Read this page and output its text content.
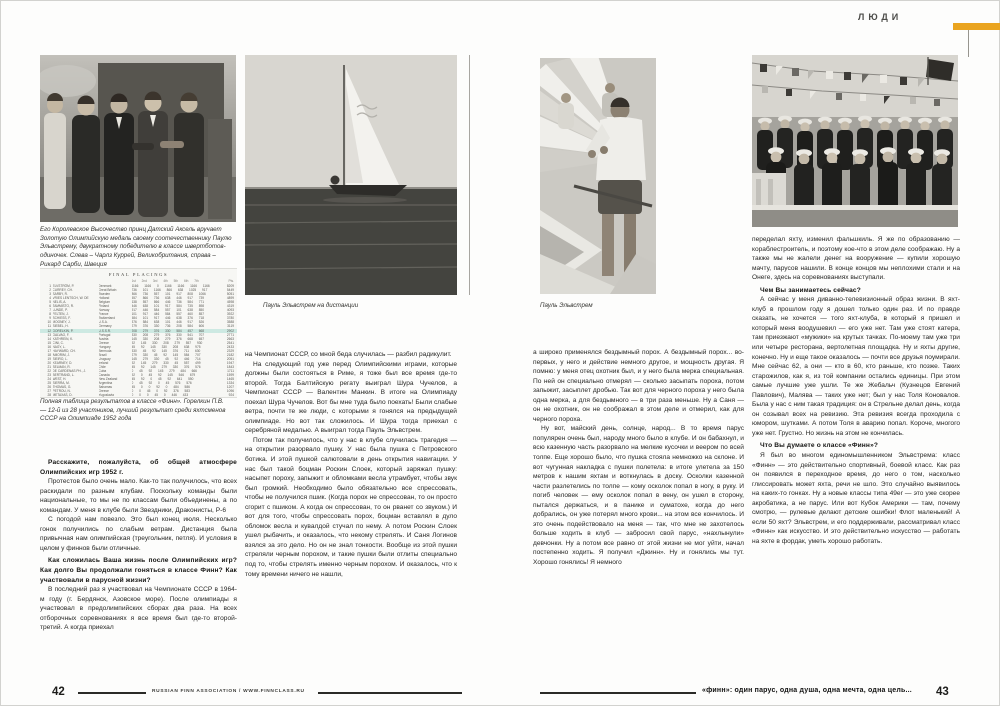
ЛЮДИ
Его Королевское Высочество принц Датский Аксель вручает Золотую Олимпийскую медаль своему соотечественнику Паулю Эльвстрему, двукратному победителю в классе швертботов-одиночек. Слева – Чарлз Куррей, Великобритания, справа – Рикард Сарби, Швеция
FINAL PLACINGS
1st 2nd 3rd 4th 5th 6th 7th	Pts.
1 ELVSTRÖM, P.	Denmark	1166 1166 0 1166 1166 1166 1166	8209
2 CURREY, CH.	Great Britain	736 101 1166 866 638 1025 917	5449
3 SARBY, R.	Sweden	866 736 557 101 917 808 1066	5051
4 VRIES LENTSCH, W. DE	Holland	557 866 736 638 446 917 739	4899
5 NELIS, A.	Belgium	638 557 866 446 736 584 771	4598
6 TAMMISTO, R.	Finland	446 638 101 917 584 735 898	4319
7 LUNDE, P.	Norway	917 446 584 557 101 638 850	4093
8 FELTEN, J.	France	101 917 446 584 557 460 857	3922
9 SCHIESS, F.	Switzerland	584 101 917 446 638 376 718	3780
10 MOONEY, J.	U.S.A.	376 584 638 101 446 917 526	3588
11 SIEBEL, H.	Germany	279 376 330 736 208 584 606	3119
12 GORELKIN, P.	U.S.S.R.	208 279 376 330 584 457 668	2902
13 GALVAO, F.	Portugal	330 208 279 376 330 541 707	2771
14 KATHREIN, K.	Austria	145 330 208 279 376 668 657	2663
15 CINI, C.	Greece	92 145 330 208 279 557 930	2541
16 NAGY, L.	Hungary	45 92 145 330 208 638 975	2433
17 HAYWARD, CH.	Bermuda	330 45 92 145 376 711 630	2329
18 AMORIM, J.	Brazil	279 330 45 92 145 584 707	2182
19 SIEIRO, L.	Uruguay	145 279 330 45 92 446 714	2051
20 KEARNEY, D.	Ireland	92 145 279 330 45 557 499	1947
21 SELMAN, R.	Chile	45 92 145 279 330 376 576	1843
22 DE CARDENAS PH., J.	Cuba	0 45 92 145 279 484 666	1711
23 BERTRAND, L.	Canada	92 0 45 92 145 546 679	1599
24 WEST, H.	New Zealand	45 92 0 45 92 641 550	1465
25 SIERRA, M.	Argentina	0 45 92 0 45 576 576	1334
26 THOMAS, G.	Bahamas	45 0 0 92 0 484 586	1207
27 PETROU, N.	Greece	0 0 45 0 92 376 583	1096
28 METAXAS, D.	Yugoslavia	0 0 0 45 0 446 433	924
Полная таблица результатов в классе «Финн». Горелкин П.В. — 12-й из 28 участников, лучший результат среди яхтсменов СССР на Олимпиаде 1952 года

Расскажите, пожалуйста, об общей атмосфере Олимпийских игр 1952 г.

Протестов было очень мало. Как-то так получилось, что всех раскидали по разным клубам. Поскольку команды были национальные, то мы не по классам были объединены, а по командам. У меня в клубе были Звездники, Драконисты, Р-6

С погодой нам повезло. Это был конец июля. Несколько гонок получились по слабым ветрам. Дистанция была привычная нам олимпийская (треугольник, петля). И условия в целом у финнов были отличные.

Как сложилась Ваша жизнь после Олимпийских игр? Как долго Вы продолжали гоняться в классе Финн? Как участвовали в парусной жизни?

В последний раз я участвовал на Чемпионате СССР в 1964-м году (г. Бердянск, Азовское море). После олимпиады я участвовал в предолимпийских сборах два раза. На всех отборочных соревнованиях я все время был где-то второй-третий. А когда приехал

Пауль Эльвстрем на дистанции

на Чемпионат СССР, со мной беда случилась — разбил радикулит.

На следующий год уже перед Олимпийскими играми, которые должны были состояться в Риме, я тоже был все время где-то второй. Тогда Балтийскую регату выиграл Шура Чучелов, а Чемпионат СССР — Валентин Манкин. В итоге на Олимпиаду поехал Шура Чучелов. Вот бы мне туда было поехать! Были слабые ветра, почти те же люди, с которыми я гонялся на предыдущей олимпиаде. Но вот так сложилось. И Шура тогда приехал с серебряной медалью. А выиграл тогда Пауль Эльвстрем.

Потом так получилось, что у нас в клубе случилась трагедия — на открытии разорвало пушку. У нас была пушка с Петровского ботика. И этой пушкой салютовали в день открытия навигации. У нас был такой боцман Роскин Слоек, который заряжал пушку: насыпет пороху, запыжит и обломками весла утрамбует, чтобы звук был громкий. Необходимо было обязательно все спрессовать, чтобы не получился пшик. (Когда порох не спрессован, то он просто сгорит с пшиком. А когда он спрессован, то он рванет со звуком.) И вот для того, чтобы спрессовать порох, боцман вставлял в дуло обломок весла и кувалдой стучал по нему. А потом Роскин Слоек ушел рыбачить, и оказалось, что некому стрелять. И Саня Логинов взялся за это дело. Но он не знал тонкости. Вообще из этой пушки стреляли черным порохом, и такие пушки были отлиты специально под то, чтобы стрелять именно черным порохом. И оказалось, что к тому времени ничего не нашли,

Пауль Эльвстрем

а широко применялся бездымный порох. А бездымный порох... во-первых, у него и действие немного другое, и мощность другая. Я помню: у меня отец охотник был, и у него была мерка специальная. По ней он специально отмерял — сколько засыпать пороха, потом запыжит, засыплет дробью. Так вот для черного пороха у него была одна мерка, а для бездымного — в три раза меньше. Ну а Саня — он не охотник, он не соображал в этом деле и отмерил, как для черного пороха.

Ну вот, майский день, солнце, народ... В то время парус популярен очень был, народу много было в клубе. И он бабахнул, и всю казенную часть разорвало на мелкие кусочки и веером по всей толпе. Еще хорошо было, что пушка стояла немножко на склоне. И вот чугунная накладка с пушки полетела: в итоге улетела за 150 метров к нашим яхтам и воткнулась в доску. Осколки казенной части разлетелись по толпе — кому осколок попал в ногу, в руку. И погиб человек — ему осколок попал в вену, он ушел в сторону, пытался держаться, и в панике и суматохе, когда до него добрались, он уже потерял много крови... на этом все кончилось. И это очень подействовало на меня — так, что мне не захотелось больше ходить в клуб — забросил свой парус, «нахлынули» девчонки. Ну а потом все равно от этой жизни не мог уйти, начал постепенно ходить. Я получил «Джинн». Ну и гонялись мы тут. Хорошо гонялись! Я немного

переделал яхту, изменил фальшкиль. Я же по образованию — кораблестроитель, и поэтому кое-что в этом деле соображаю. Ну а также мы не жалели денег на вооружение — купили хорошую мачту, парусов нашили. В конце концов мы неплохими стали и на Онеге, здесь на соревнованиях выступали.

Чем Вы занимаетесь сейчас?

А сейчас у меня диванно-телевизионный образ жизни. В яхт-клуб в прошлом году я дошел только один раз. И по правде сказать, не хочется — того яхт-клуба, в который я пришел и который меня воодушевил — его уже нет. Там уже стоят катера, там приезжают «мужики» на крутых тачках. По-моему там уже три или четыре ресторана, вертолетная площадка. Ну и яхты другие, конечно. Ну и еще такое оказалось — почти все друзья поумирали. Мне сейчас 62, а они — кто в 60, кто раньше, кто позже. Таких старожилов, как я, из той компании остались единицы. При этом самые лучшие уже ушли. Те же Жебальч (Кузнецов Евгений Павлович), Малява — таких уже нет; был у нас Толя Коновалов. Была у нас с ним такая традиция: он в Стрельне делал день, когда он созывал всех на ревизию. Эта ревизия всегда проходила с юмором, шутками. А потом Толя в аварию попал. Короче, многого уже нет. Грустно. Но жизнь на этом не кончилась.

Что Вы думаете о классе «Финн»?

Я был во многом единомышленником Эльвстрема: класс «Финн» — это действительно спортивный, боевой класс. Как раз он появился в переходное время, до него о том, насколько глиссировать может яхта, речи не шло. Это случайно выявилось на каких-то гонках. Ну а новые классы типа 49er — это уже скорее акробатика, а не парус. Или вот Кубок Америки — там, почему смотрю, — рулевые делают детские ошибки! Флот маленький! А если 50 яхт? Эльвстрем, и его поддерживали, рассматривал класс «Финн» как искусство. И это действительно искусство — работать на яхте в фордак, уметь хорошо работать.

42	RUSSIAN FINN ASSOCIATION / WWW.FINNCLASS.RU	«финн»: один парус, одна душа, одна мечта, одна цель... 43
